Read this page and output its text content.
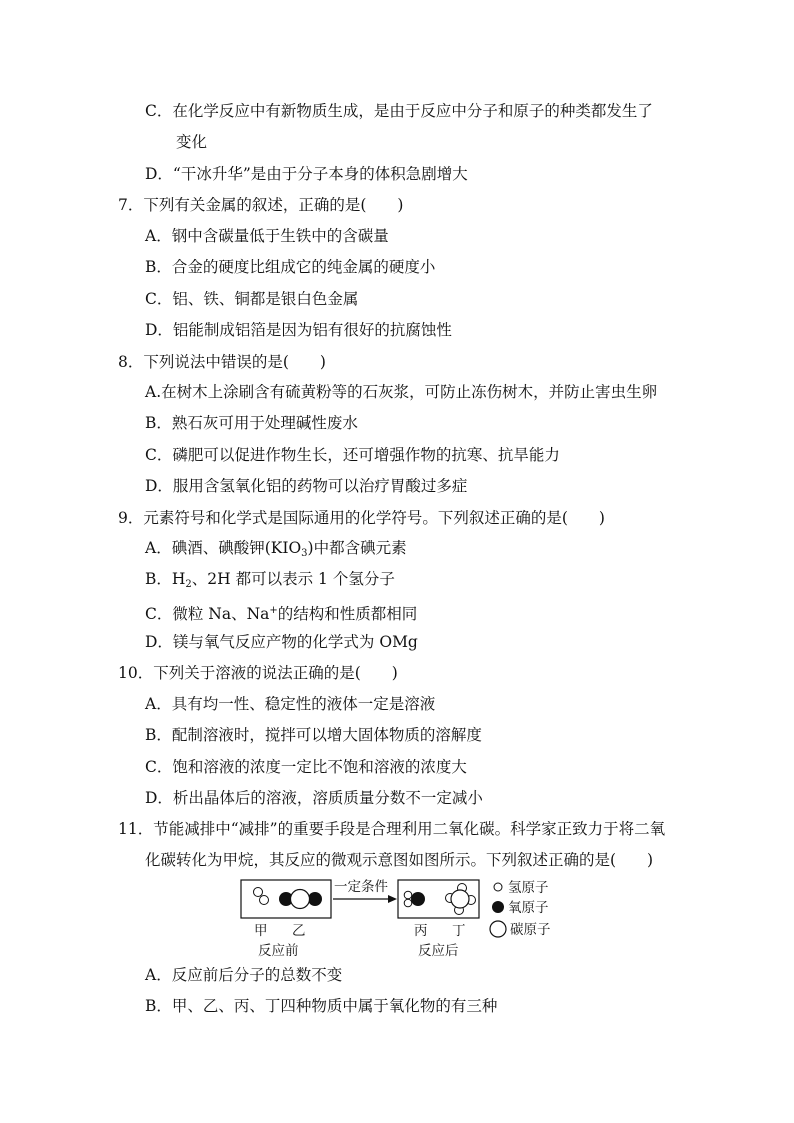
C．在化学反应中有新物质生成，是由于反应中分子和原子的种类都发生了
变化
D．“干冰升华”是由于分子本身的体积急剧增大
7．下列有关金属的叙述，正确的是(　　)
A．钢中含碳量低于生铁中的含碳量
B．合金的硬度比组成它的纯金属的硬度小
C．铝、铁、铜都是银白色金属
D．铝能制成铝箔是因为铝有很好的抗腐蚀性
8．下列说法中错误的是(　　)
A.在树木上涂刷含有硫黄粉等的石灰浆，可防止冻伤树木，并防止害虫生卵
B．熟石灰可用于处理碱性废水
C．磷肥可以促进作物生长，还可增强作物的抗寒、抗旱能力
D．服用含氢氧化铝的药物可以治疗胃酸过多症
9．元素符号和化学式是国际通用的化学符号。下列叙述正确的是(　　)
A．碘酒、碘酸钾$(KIO_3)$中都含碘元素
B．$H_2$、2H 都可以表示 1 个氢分子
C．微粒 Na、Na+的结构和性质都相同
D．镁与氧气反应产物的化学式为 OMg
10．下列关于溶液的说法正确的是(　　)
A．具有均一性、稳定性的液体一定是溶液
B．配制溶液时，搅拌可以增大固体物质的溶解度
C．饱和溶液的浓度一定比不饱和溶液的浓度大
D．析出晶体后的溶液，溶质质量分数不一定减小
11．节能减排中“减排”的重要手段是合理利用二氧化碳。科学家正致力于将二氧
化碳转化为甲烷，其反应的微观示意图如图所示。下列叙述正确的是(　　)
一定条件
甲 乙
反应前
丙 丁
反应后
氢原子
氧原子
碳原子
A．反应前后分子的总数不变
B．甲、乙、丙、丁四种物质中属于氧化物的有三种
